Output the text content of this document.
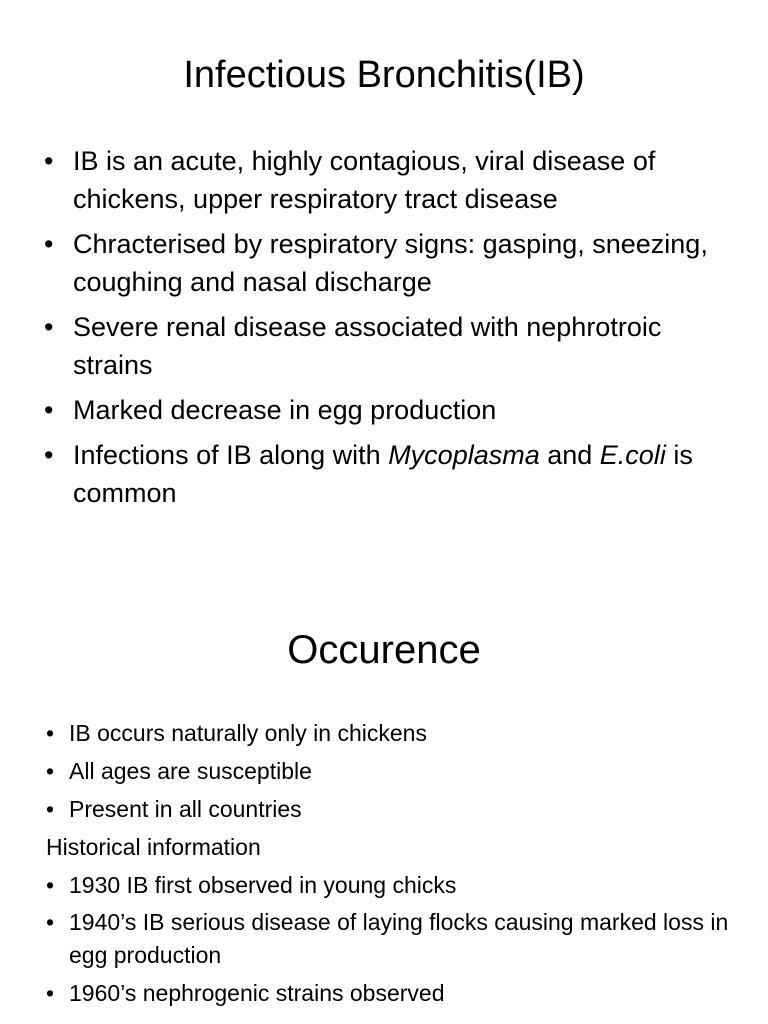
Infectious Bronchitis(IB)
• IB is an acute, highly contagious, viral disease of chickens, upper respiratory tract disease
• Chracterised by respiratory signs: gasping, sneezing, coughing and nasal discharge
• Severe renal disease associated with nephrotroic strains
• Marked decrease in egg production
• Infections of IB along with Mycoplasma and E.coli is common
Occurence
• IB occurs naturally only in chickens
• All ages are susceptible
• Present in all countries
Historical information
• 1930 IB first observed in young chicks
• 1940’s IB serious disease of laying flocks causing marked loss in egg production
• 1960’s nephrogenic strains observed
